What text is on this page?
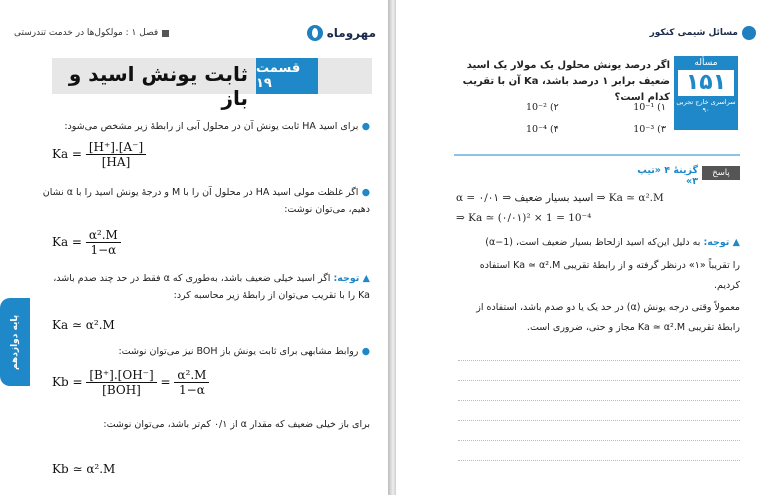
مهروماه
فصل ۱ : مولکول‌ها در خدمت تندرستی
قسمت ۱۹
ثابت یونش اسید و باز
● برای اسید HA ثابت یونش آن در محلول آبی از رابطهٔ زیر مشخص می‌شود:
$Ka = \frac{[H^+].[A^-]}{[HA]}$
● اگر غلظت مولی اسید HA در محلول آن را با M و درجهٔ یونش اسید را با α نشان دهیم، می‌توان نوشت:
$Ka = \frac{\text{α².M}}{1-\alpha}$
▲ توجه: اگر اسید خیلی ضعیف باشد، به‌طوری که α فقط در حد چند صدم باشد، Ka را با تقریب می‌توان از رابطهٔ زیر محاسبه کرد:
Ka ≃ α².M
● روابط مشابهی برای ثابت یونش باز BOH نیز می‌توان نوشت:
$Kb = \frac{[B^+].[OH^-]}{\text{[BOH]}} = \frac{\text{α².M}}{1-\alpha}$
برای باز خیلی ضعیف که مقدار α از ۰/۱ کم‌تر باشد، می‌توان نوشت:
Kb ≃ α².M
پایه دوازدهم
مسائل شیمی کنکور
مسأله
۱۵۱
سراسری خارج تجربی ۹۰
اگر درصد یونش محلول یک مولار یک اسید ضعیف برابر ۱ درصد باشد، Ka آن با تقریب کدام است؟
۱) 10⁻¹
۲) 10⁻²
۳) 10⁻³
۴) 10⁻⁴
پاسخ
گزینهٔ ۴ «تیپ ۳»
α = ۰/۰۱ ⇒ اسید بسیار ضعیف ⇒ Ka ≃ α².M
⇒ Ka ≃ (۰/۰۱)² × 1 = 10⁻⁴
▲ توجه: به دلیل این‌که اسید ازلحاظ بسیار ضعیف است، (1−α)
را تقریباً «۱» درنظر گرفته و از رابطهٔ تقریبی Ka ≃ α².M استفاده کردیم.
معمولاً وقتی درجه یونش (α) در حد یک یا دو صدم باشد، استفاده از رابطهٔ تقریبی Ka ≃ α².M مجاز و حتی، ضروری است.
